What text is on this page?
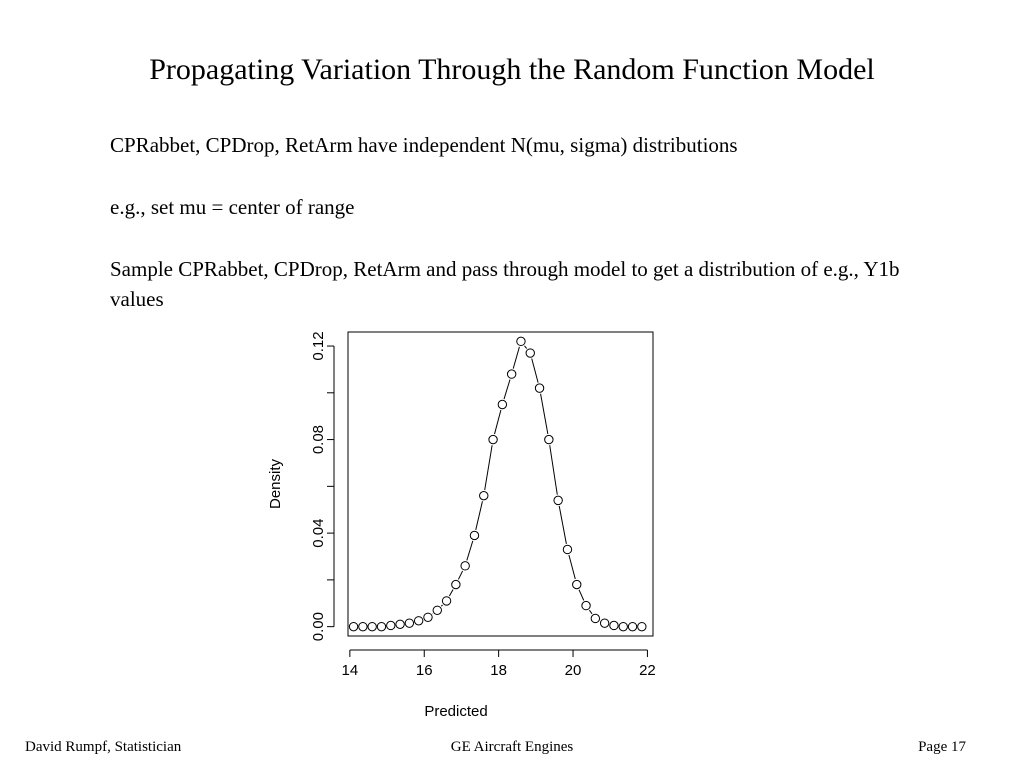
Propagating Variation Through the Random Function Model

CPRabbet, CPDrop, RetArm have independent N(mu, sigma) distributions

e.g., set mu = center of range

Sample CPRabbet, CPDrop, RetArm and pass through model to get a distribution of e.g., Y1b values

14	16	18	20	22
0.00
0.04
0.08
0.12
Predicted
Density
David Rumpf, Statistician	GE Aircraft Engines	Page 17
